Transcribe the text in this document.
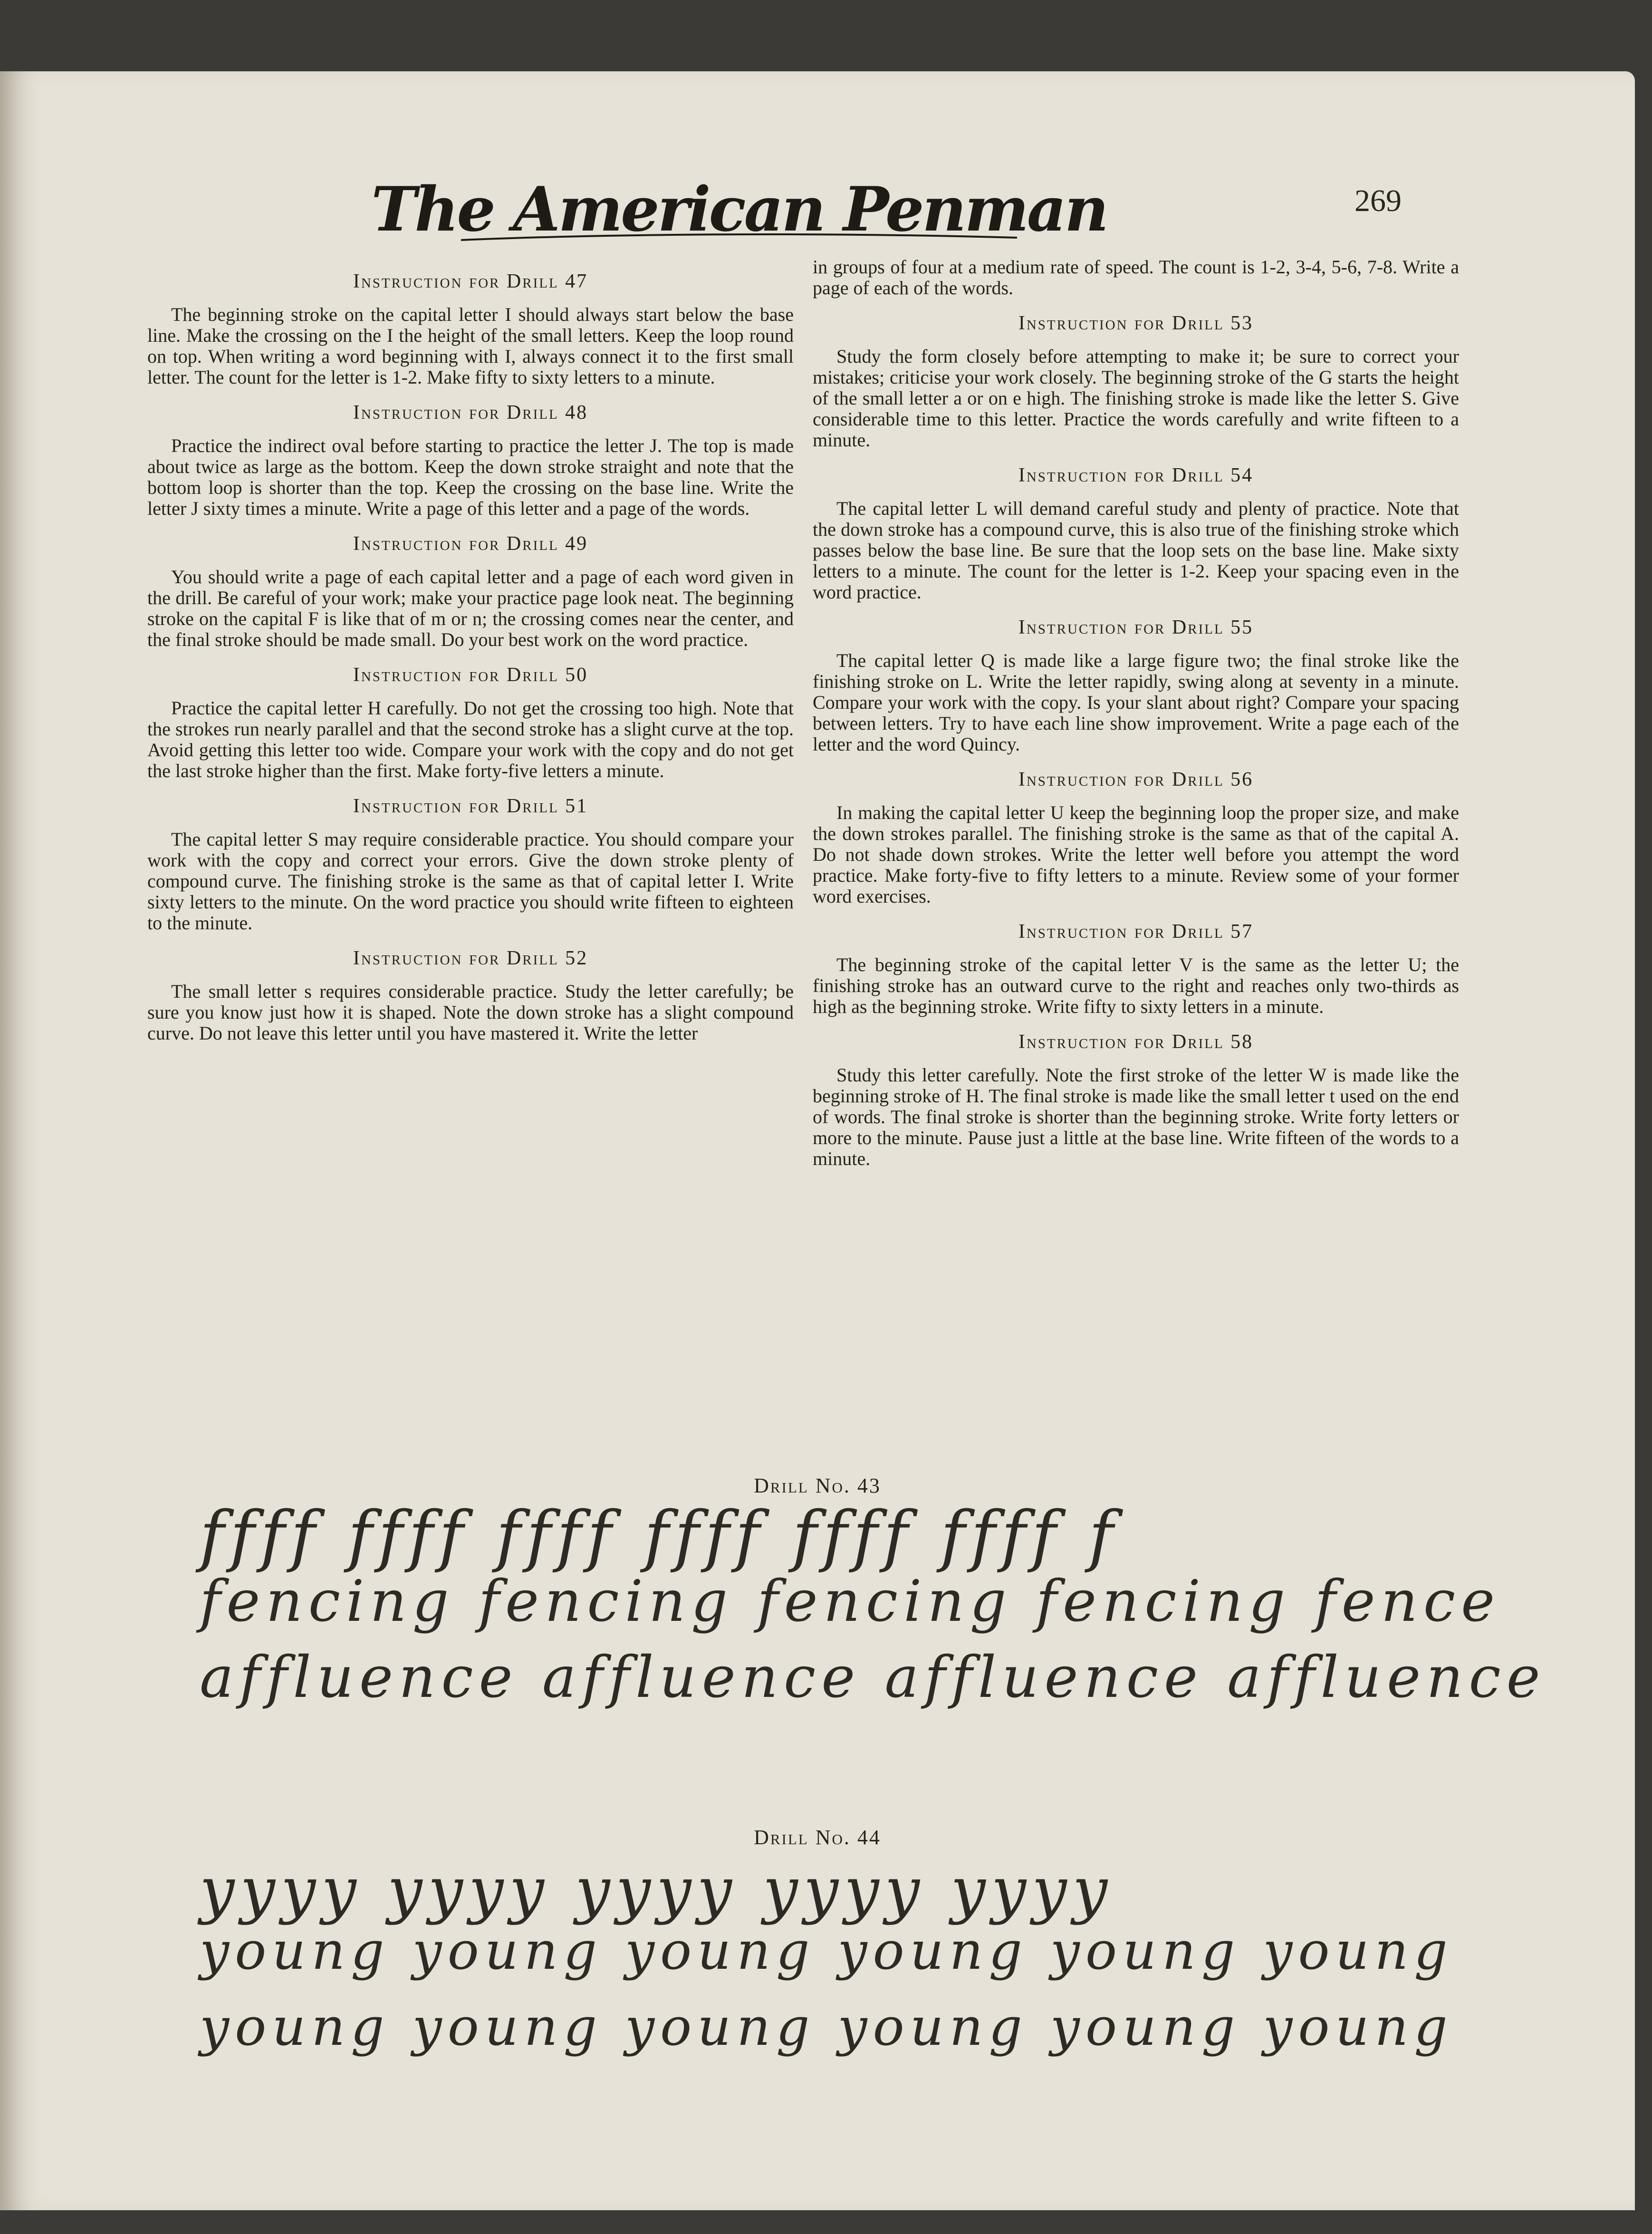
The American Penman	269
Instruction for Drill 47

The beginning stroke on the capital letter I should always start below the base line. Make the crossing on the I the height of the small letters. Keep the loop round on top. When writing a word beginning with I, always connect it to the first small letter. The count for the letter is 1-2. Make fifty to sixty letters to a minute.

Instruction for Drill 48

Practice the indirect oval before starting to practice the letter J. The top is made about twice as large as the bottom. Keep the down stroke straight and note that the bottom loop is shorter than the top. Keep the crossing on the base line. Write the letter J sixty times a minute. Write a page of this letter and a page of the words.

Instruction for Drill 49

You should write a page of each capital letter and a page of each word given in the drill. Be careful of your work; make your practice page look neat. The beginning stroke on the capital F is like that of m or n; the crossing comes near the center, and the final stroke should be made small. Do your best work on the word practice.

Instruction for Drill 50

Practice the capital letter H carefully. Do not get the crossing too high. Note that the strokes run nearly parallel and that the second stroke has a slight curve at the top. Avoid getting this letter too wide. Compare your work with the copy and do not get the last stroke higher than the first. Make forty-five letters a minute.

Instruction for Drill 51

The capital letter S may require considerable practice. You should compare your work with the copy and correct your errors. Give the down stroke plenty of compound curve. The finishing stroke is the same as that of capital letter I. Write sixty letters to the minute. On the word practice you should write fifteen to eighteen to the minute.

Instruction for Drill 52

The small letter s requires considerable practice. Study the letter carefully; be sure you know just how it is shaped. Note the down stroke has a slight compound curve. Do not leave this letter until you have mastered it. Write the letter

in groups of four at a medium rate of speed. The count is 1-2, 3-4, 5-6, 7-8. Write a page of each of the words.

Instruction for Drill 53

Study the form closely before attempting to make it; be sure to correct your mistakes; criticise your work closely. The beginning stroke of the G starts the height of the small letter a or on e high. The finishing stroke is made like the letter S. Give considerable time to this letter. Practice the words carefully and write fifteen to a minute.

Instruction for Drill 54

The capital letter L will demand careful study and plenty of practice. Note that the down stroke has a compound curve, this is also true of the finishing stroke which passes below the base line. Be sure that the loop sets on the base line. Make sixty letters to a minute. The count for the letter is 1-2. Keep your spacing even in the word practice.

Instruction for Drill 55

The capital letter Q is made like a large figure two; the final stroke like the finishing stroke on L. Write the letter rapidly, swing along at seventy in a minute. Compare your work with the copy. Is your slant about right? Compare your spacing between letters. Try to have each line show improvement. Write a page each of the letter and the word Quincy.

Instruction for Drill 56

In making the capital letter U keep the beginning loop the proper size, and make the down strokes parallel. The finishing stroke is the same as that of the capital A. Do not shade down strokes. Write the letter well before you attempt the word practice. Make forty-five to fifty letters to a minute. Review some of your former word exercises.

Instruction for Drill 57

The beginning stroke of the capital letter V is the same as the letter U; the finishing stroke has an outward curve to the right and reaches only two-thirds as high as the beginning stroke. Write fifty to sixty letters in a minute.

Instruction for Drill 58

Study this letter carefully. Note the first stroke of the letter W is made like the beginning stroke of H. The final stroke is made like the small letter t used on the end of words. The final stroke is shorter than the beginning stroke. Write forty letters or more to the minute. Pause just a little at the base line. Write fifteen of the words to a minute.

Drill No. 43
ffff ffff ffff ffff ffff ffff f
fencing fencing fencing fencing fence
affluence affluence affluence affluence
Drill No. 44
yyyy yyyy yyyy yyyy yyyy
young young young young young young
young young young young young young
